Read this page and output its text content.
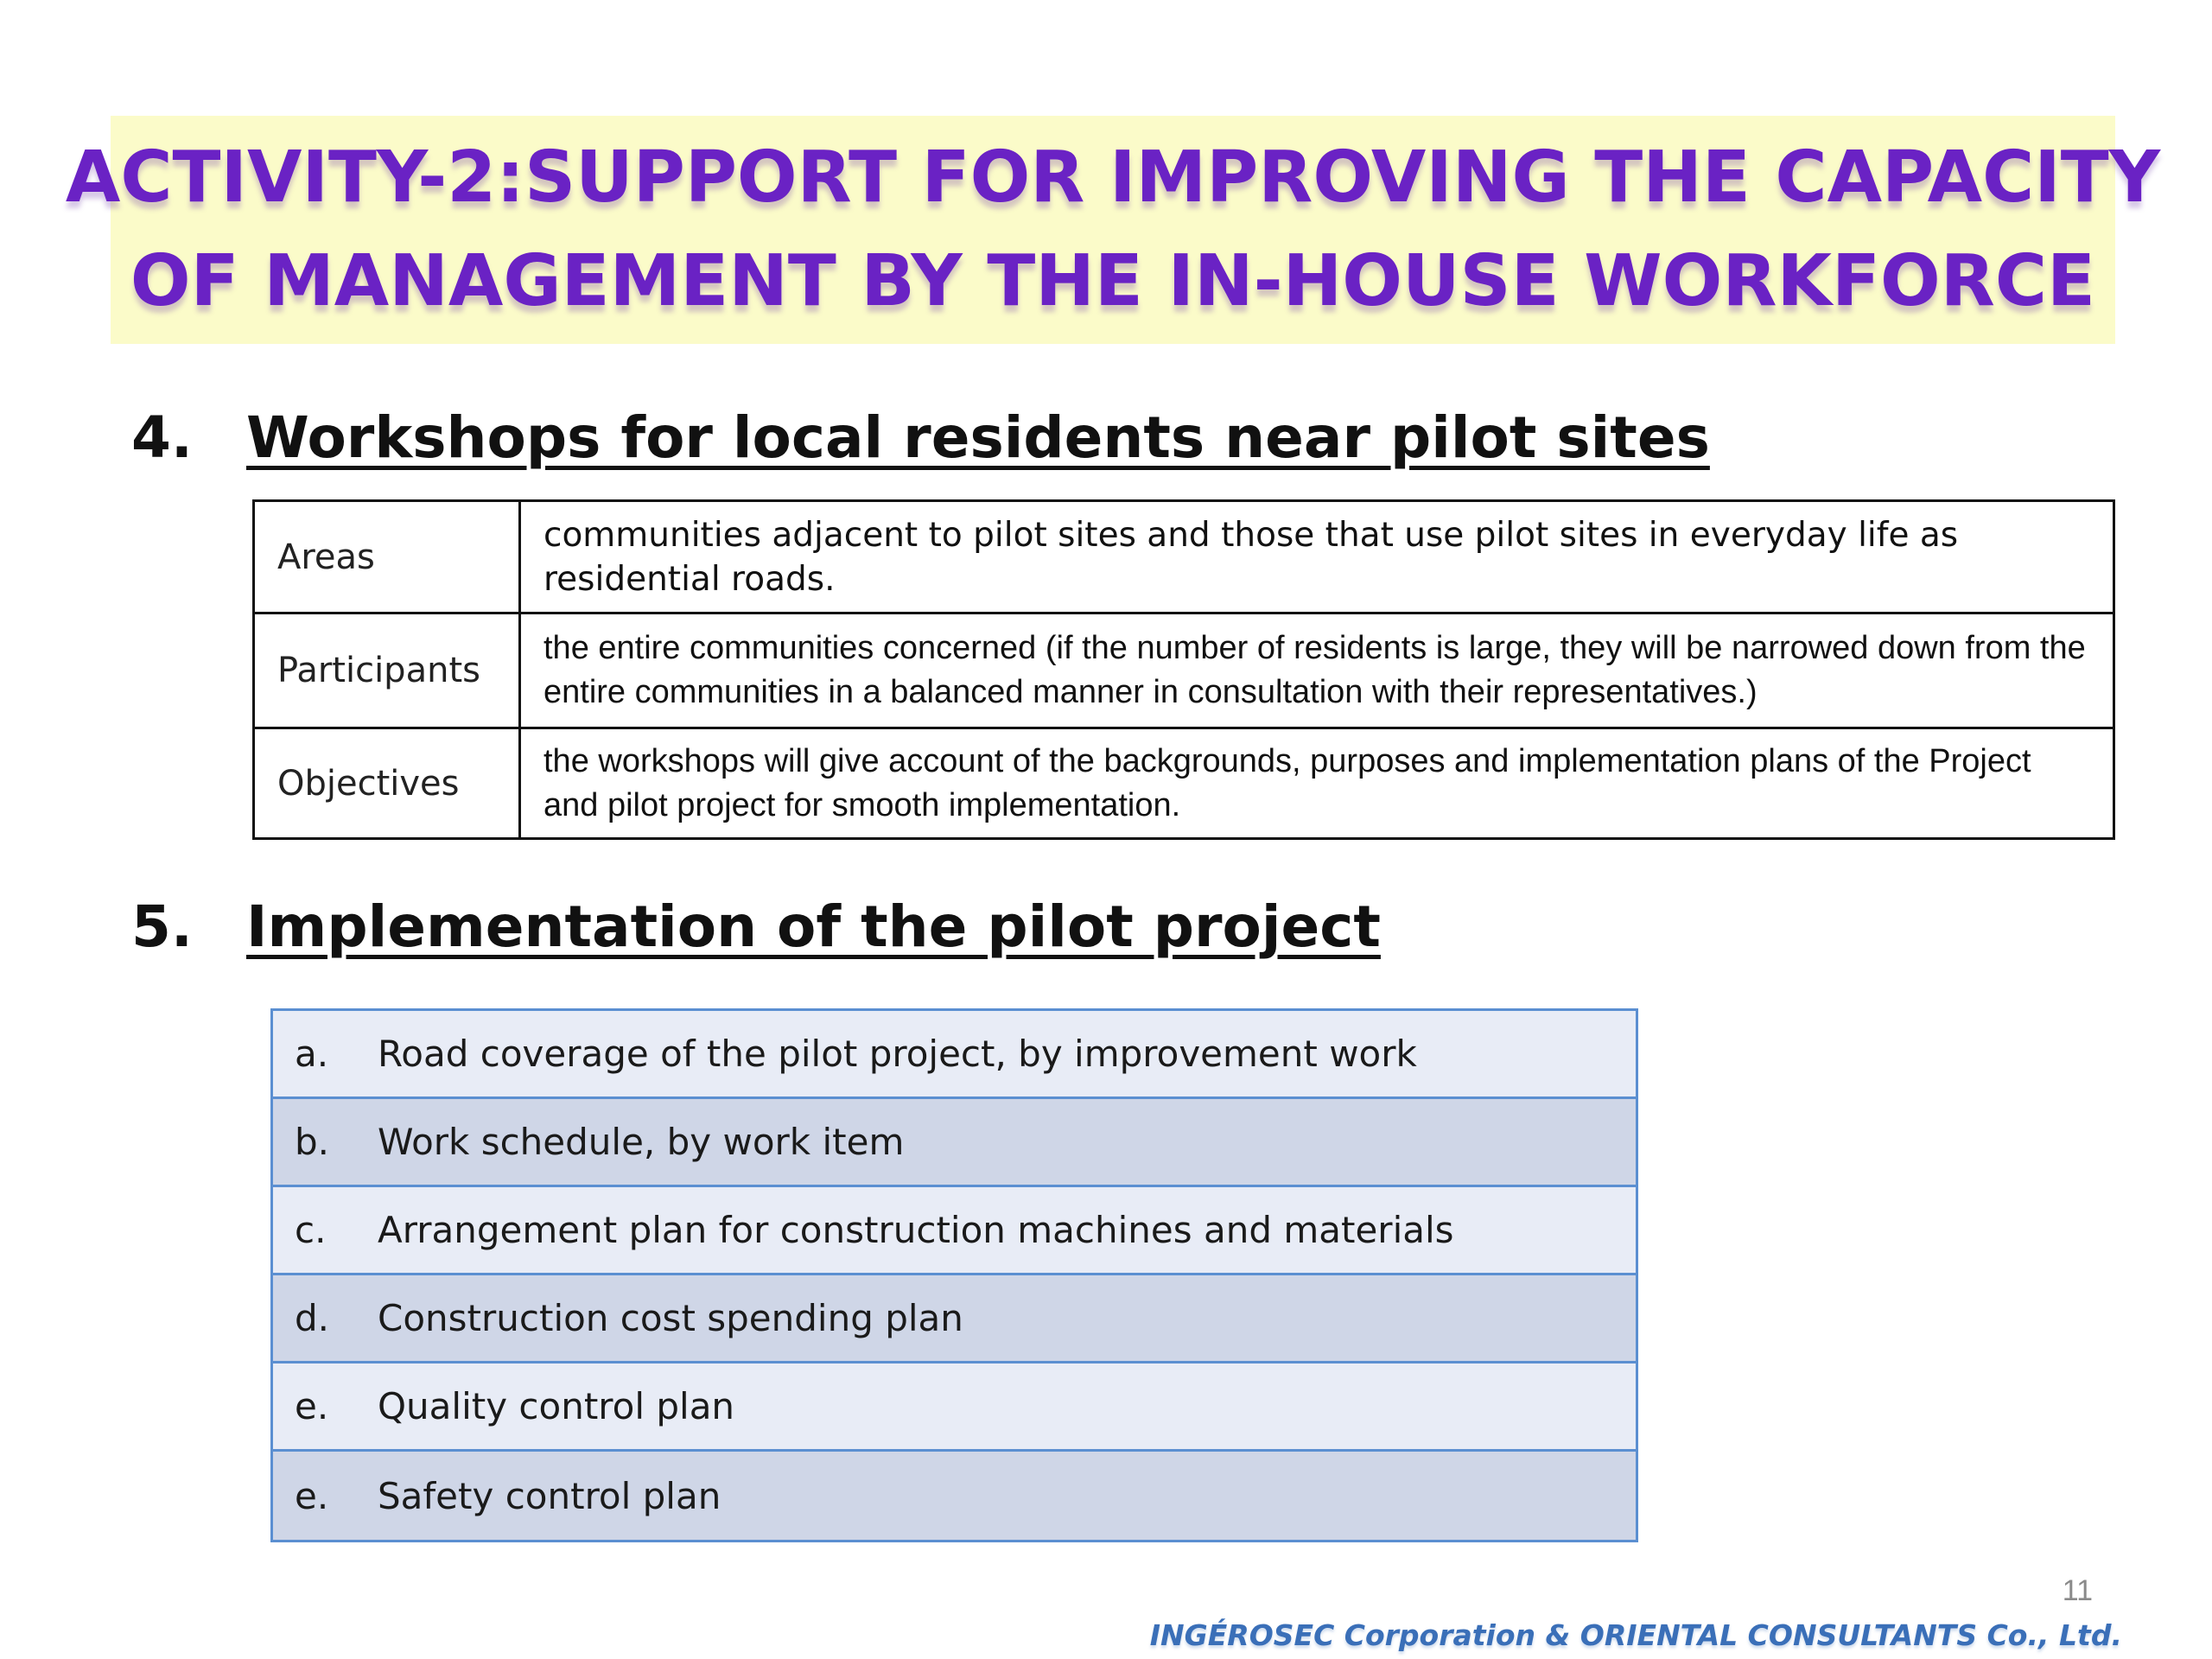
ACTIVITY-2:SUPPORT FOR IMPROVING THE CAPACITY
OF MANAGEMENT BY THE IN-HOUSE WORKFORCE
4. Workshops for local residents near pilot sites
Areas	communities adjacent to pilot sites and those that use pilot sites in everyday life as residential roads.
Participants	the entire communities concerned (if the number of residents is large, they will be narrowed down from the entire communities in a balanced manner in consultation with their representatives.)
Objectives	the workshops will give account of the backgrounds, purposes and implementation plans of the Project and pilot project for smooth implementation.
5. Implementation of the pilot project
a.	Road coverage of the pilot project, by improvement work
b.	Work schedule, by work item
c.	Arrangement plan for construction machines and materials
d.	Construction cost spending plan
e.	Quality control plan
e.	Safety control plan
11
INGÉROSEC Corporation & ORIENTAL CONSULTANTS Co., Ltd.
